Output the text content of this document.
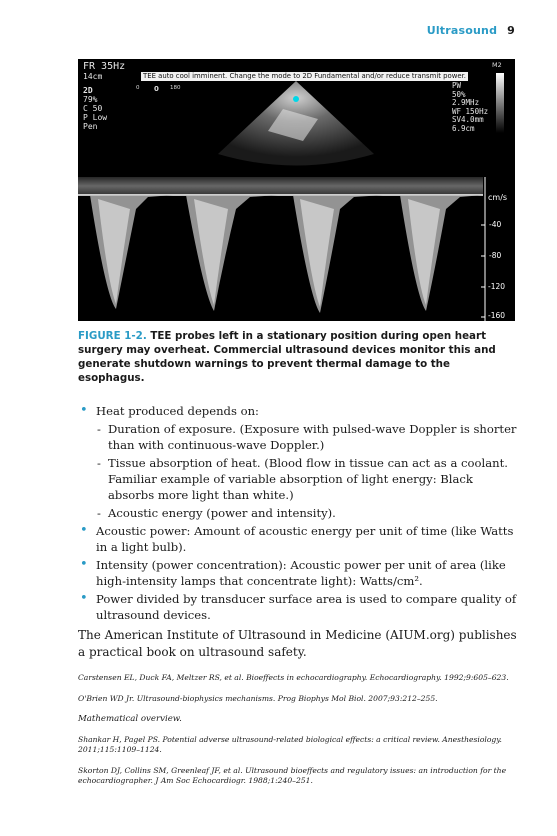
Ultrasound 9
FR 35Hz
14cm
2D
79%
C 50
P Low
Pen
TEE auto cool imminent. Change the mode to 2D Fundamental and/or reduce transmit power.
0 0 180	PW
50%
2.9MHz
WF 150Hz
SV4.0mm
6.9cm
M2
cm/s
-40
-80
-120
-160
FIGURE 1-2. TEE probes left in a stationary position during open heart surgery may overheat. Commercial ultrasound devices monitor this and generate shutdown warnings to prevent thermal damage to the esophagus.
• Heat produced depends on:
- Duration of exposure. (Exposure with pulsed-wave Doppler is shorter than with continuous-wave Doppler.)
- Tissue absorption of heat. (Blood flow in tissue can act as a coolant. Familiar example of variable absorption of light energy: Black absorbs more light than white.)
- Acoustic energy (power and intensity).
• Acoustic power: Amount of acoustic energy per unit of time (like Watts in a light bulb).
• Intensity (power concentration): Acoustic power per unit of area (like high-intensity lamps that concentrate light): Watts/cm².
• Power divided by transducer surface area is used to compare quality of ultrasound devices.
The American Institute of Ultrasound in Medicine (AIUM.org) publishes a practical book on ultrasound safety.
Carstensen EL, Duck FA, Meltzer RS, et al. Bioeffects in echocardiography. Echocardiography. 1992;9:605–623.
O'Brien WD Jr. Ultrasound-biophysics mechanisms. Prog Biophys Mol Biol. 2007;93:212–255.
Mathematical overview.
Shankar H, Pagel PS. Potential adverse ultrasound-related biological effects: a critical review. Anesthesiology. 2011;115:1109–1124.
Skorton DJ, Collins SM, Greenleaf JF, et al. Ultrasound bioeffects and regulatory issues: an introduction for the echocardiographer. J Am Soc Echocardiogr. 1988;1:240–251.
